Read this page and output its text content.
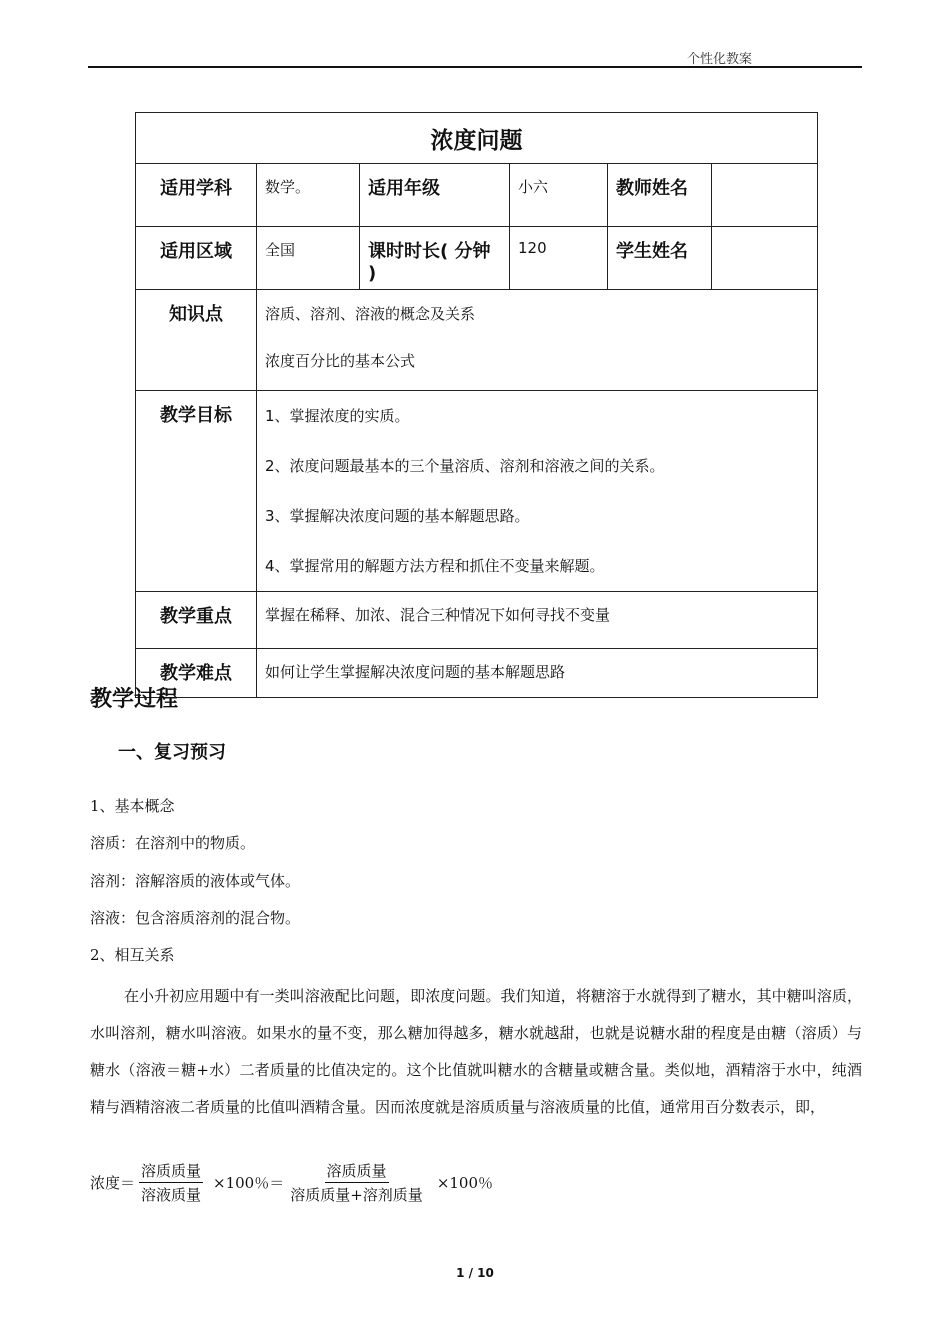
个性化教案
浓度问题					
适用学科	数学。	适用年级	小六	教师姓名	
适用区域	全国	课时时长( 分钟 )	120	学生姓名	
知识点	溶质、溶剂、溶液的概念及关系

浓度百分比的基本公式				

教学目标	1、掌握浓度的实质。

2、浓度问题最基本的三个量溶质、溶剂和溶液之间的关系。

3、掌握解决浓度问题的基本解题思路。

4、掌握常用的解题方法方程和抓住不变量来解题。				

教学重点	掌握在稀释、加浓、混合三种情况下如何寻找不变量				
教学难点	如何让学生掌握解决浓度问题的基本解题思路				
教学过程
一、复习预习
1、基本概念
溶质：在溶剂中的物质。
溶剂：溶解溶质的液体或气体。
溶液：包含溶质溶剂的混合物。
2、相互关系
在小升初应用题中有一类叫溶液配比问题，即浓度问题。我们知道，将糖溶于水就得到了糖水，其中糖叫溶质，水叫溶剂，糖水叫溶液。如果水的量不变，那么糖加得越多，糖水就越甜，也就是说糖水甜的程度是由糖（溶质）与糖水（溶液＝糖+水）二者质量的比值决定的。这个比值就叫糖水的含糖量或糖含量。类似地，酒精溶于水中，纯酒精与酒精溶液二者质量的比值叫酒精含量。因而浓度就是溶质质量与溶液质量的比值，通常用百分数表示，即，
浓度＝ $\frac{\text{溶质质量}}{\text{溶液质量}} \times 100$％＝ $\frac{\text{溶质质量}}{\text{溶质质量+溶剂质量}} \times 100$％
1 / 10
